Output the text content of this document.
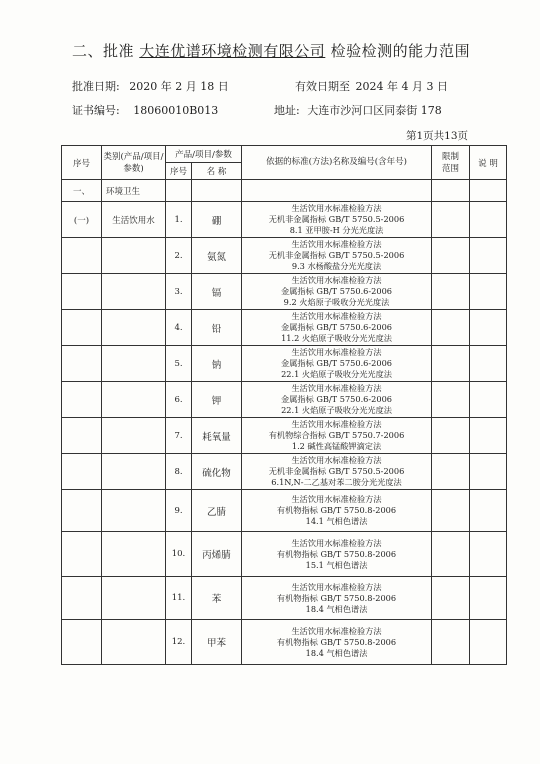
二、批准 大连优谱环境检测有限公司 检验检测的能力范围
批准日期: 2020 年 2 月 18 日	有效日期至 2024 年 4 月 3 日
证书编号: 18060010B013	地址: 大连市沙河口区同泰街 178
第1页共13页
序号	类别(产品/项目/参数)	产品/项目/参数		依据的标准(方法)名称及编号(含年号)	限制范围	说 明
		序号	名 称			
一、	环境卫生					
(一)	生活饮用水	1.	硼	生活饮用水标准检验方法
无机非金属指标 GB/T 5750.5-2006
8.1 亚甲胺-H 分光光度法		

		2.	氨氮	生活饮用水标准检验方法
无机非金属指标 GB/T 5750.5-2006
9.3 水杨酸盐分光光度法		

		3.	镉	生活饮用水标准检验方法
金属指标 GB/T 5750.6-2006
9.2 火焰原子吸收分光光度法		

		4.	铅	生活饮用水标准检验方法
金属指标 GB/T 5750.6-2006
11.2 火焰原子吸收分光光度法		

		5.	钠	生活饮用水标准检验方法
金属指标 GB/T 5750.6-2006
22.1 火焰原子吸收分光光度法		

		6.	钾	生活饮用水标准检验方法
金属指标 GB/T 5750.6-2006
22.1 火焰原子吸收分光光度法		

		7.	耗氧量	生活饮用水标准检验方法
有机物综合指标 GB/T 5750.7-2006
1.2 碱性高锰酸钾滴定法		

		8.	硫化物	生活饮用水标准检验方法
无机非金属指标 GB/T 5750.5-2006
6.1N,N-二乙基对苯二胺分光光度法		

		9.	乙腈	生活饮用水标准检验方法
有机物指标 GB/T 5750.8-2006
14.1 气相色谱法		

		10.	丙烯腈	生活饮用水标准检验方法
有机物指标 GB/T 5750.8-2006
15.1 气相色谱法		

		11.	苯	生活饮用水标准检验方法
有机物指标 GB/T 5750.8-2006
18.4 气相色谱法		

		12.	甲苯	生活饮用水标准检验方法
有机物指标 GB/T 5750.8-2006
18.4 气相色谱法		
